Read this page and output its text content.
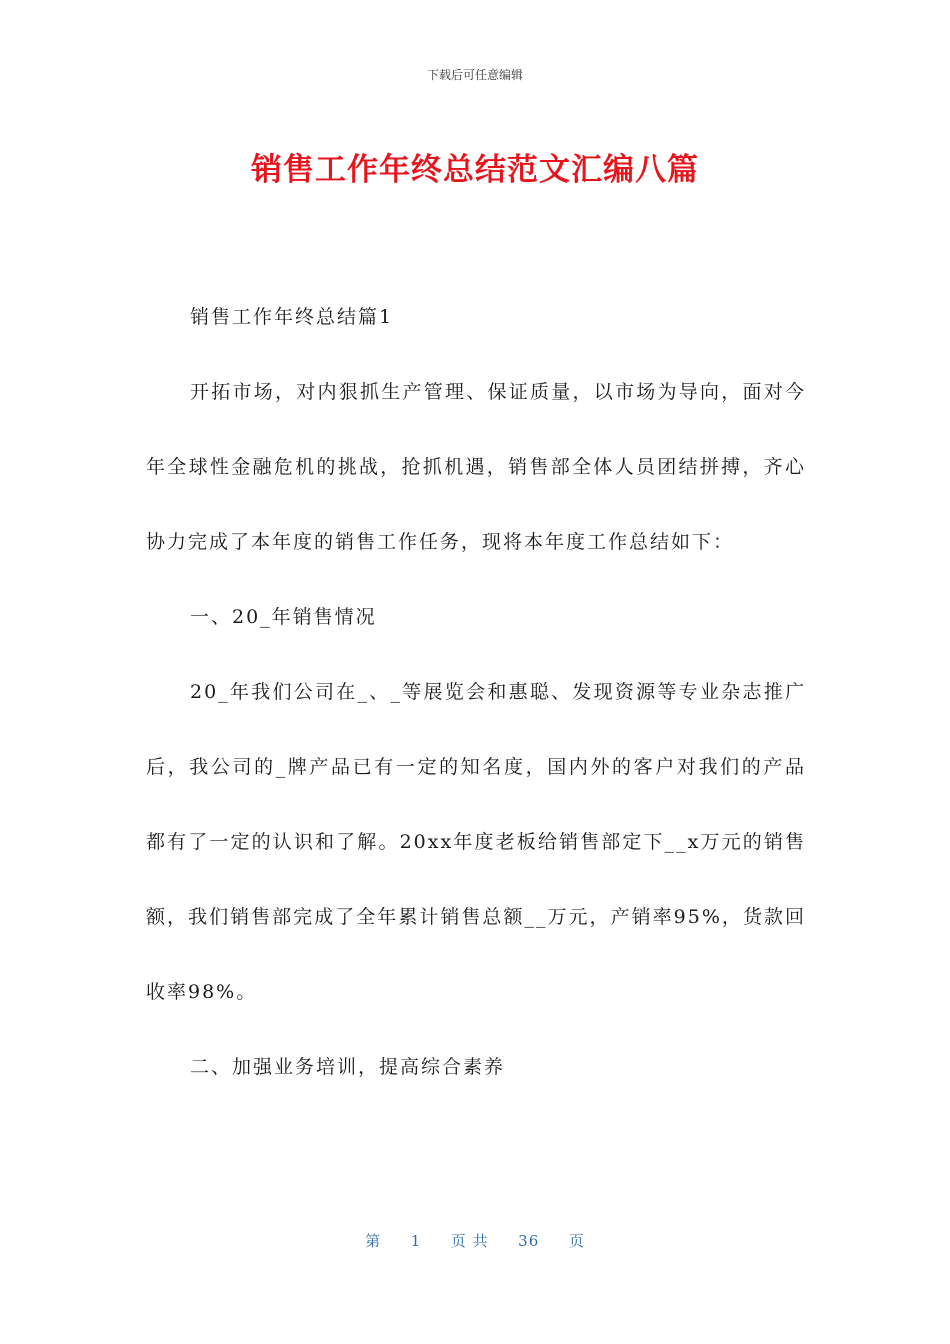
下载后可任意编辑
销售工作年终总结范文汇编八篇

销售工作年终总结篇1

开拓市场，对内狠抓生产管理、保证质量，以市场为导向，面对今年全球性金融危机的挑战，抢抓机遇，销售部全体人员团结拼搏，齐心协力完成了本年度的销售工作任务，现将本年度工作总结如下：

一、20_年销售情况

20_年我们公司在_、_等展览会和惠聪、发现资源等专业杂志推广后，我公司的_牌产品已有一定的知名度，国内外的客户对我们的产品都有了一定的认识和了解。20xx年度老板给销售部定下__x万元的销售额，我们销售部完成了全年累计销售总额__万元，产销率95%，货款回收率98%。

二、加强业务培训，提高综合素养

第 1 页 共 36 页
